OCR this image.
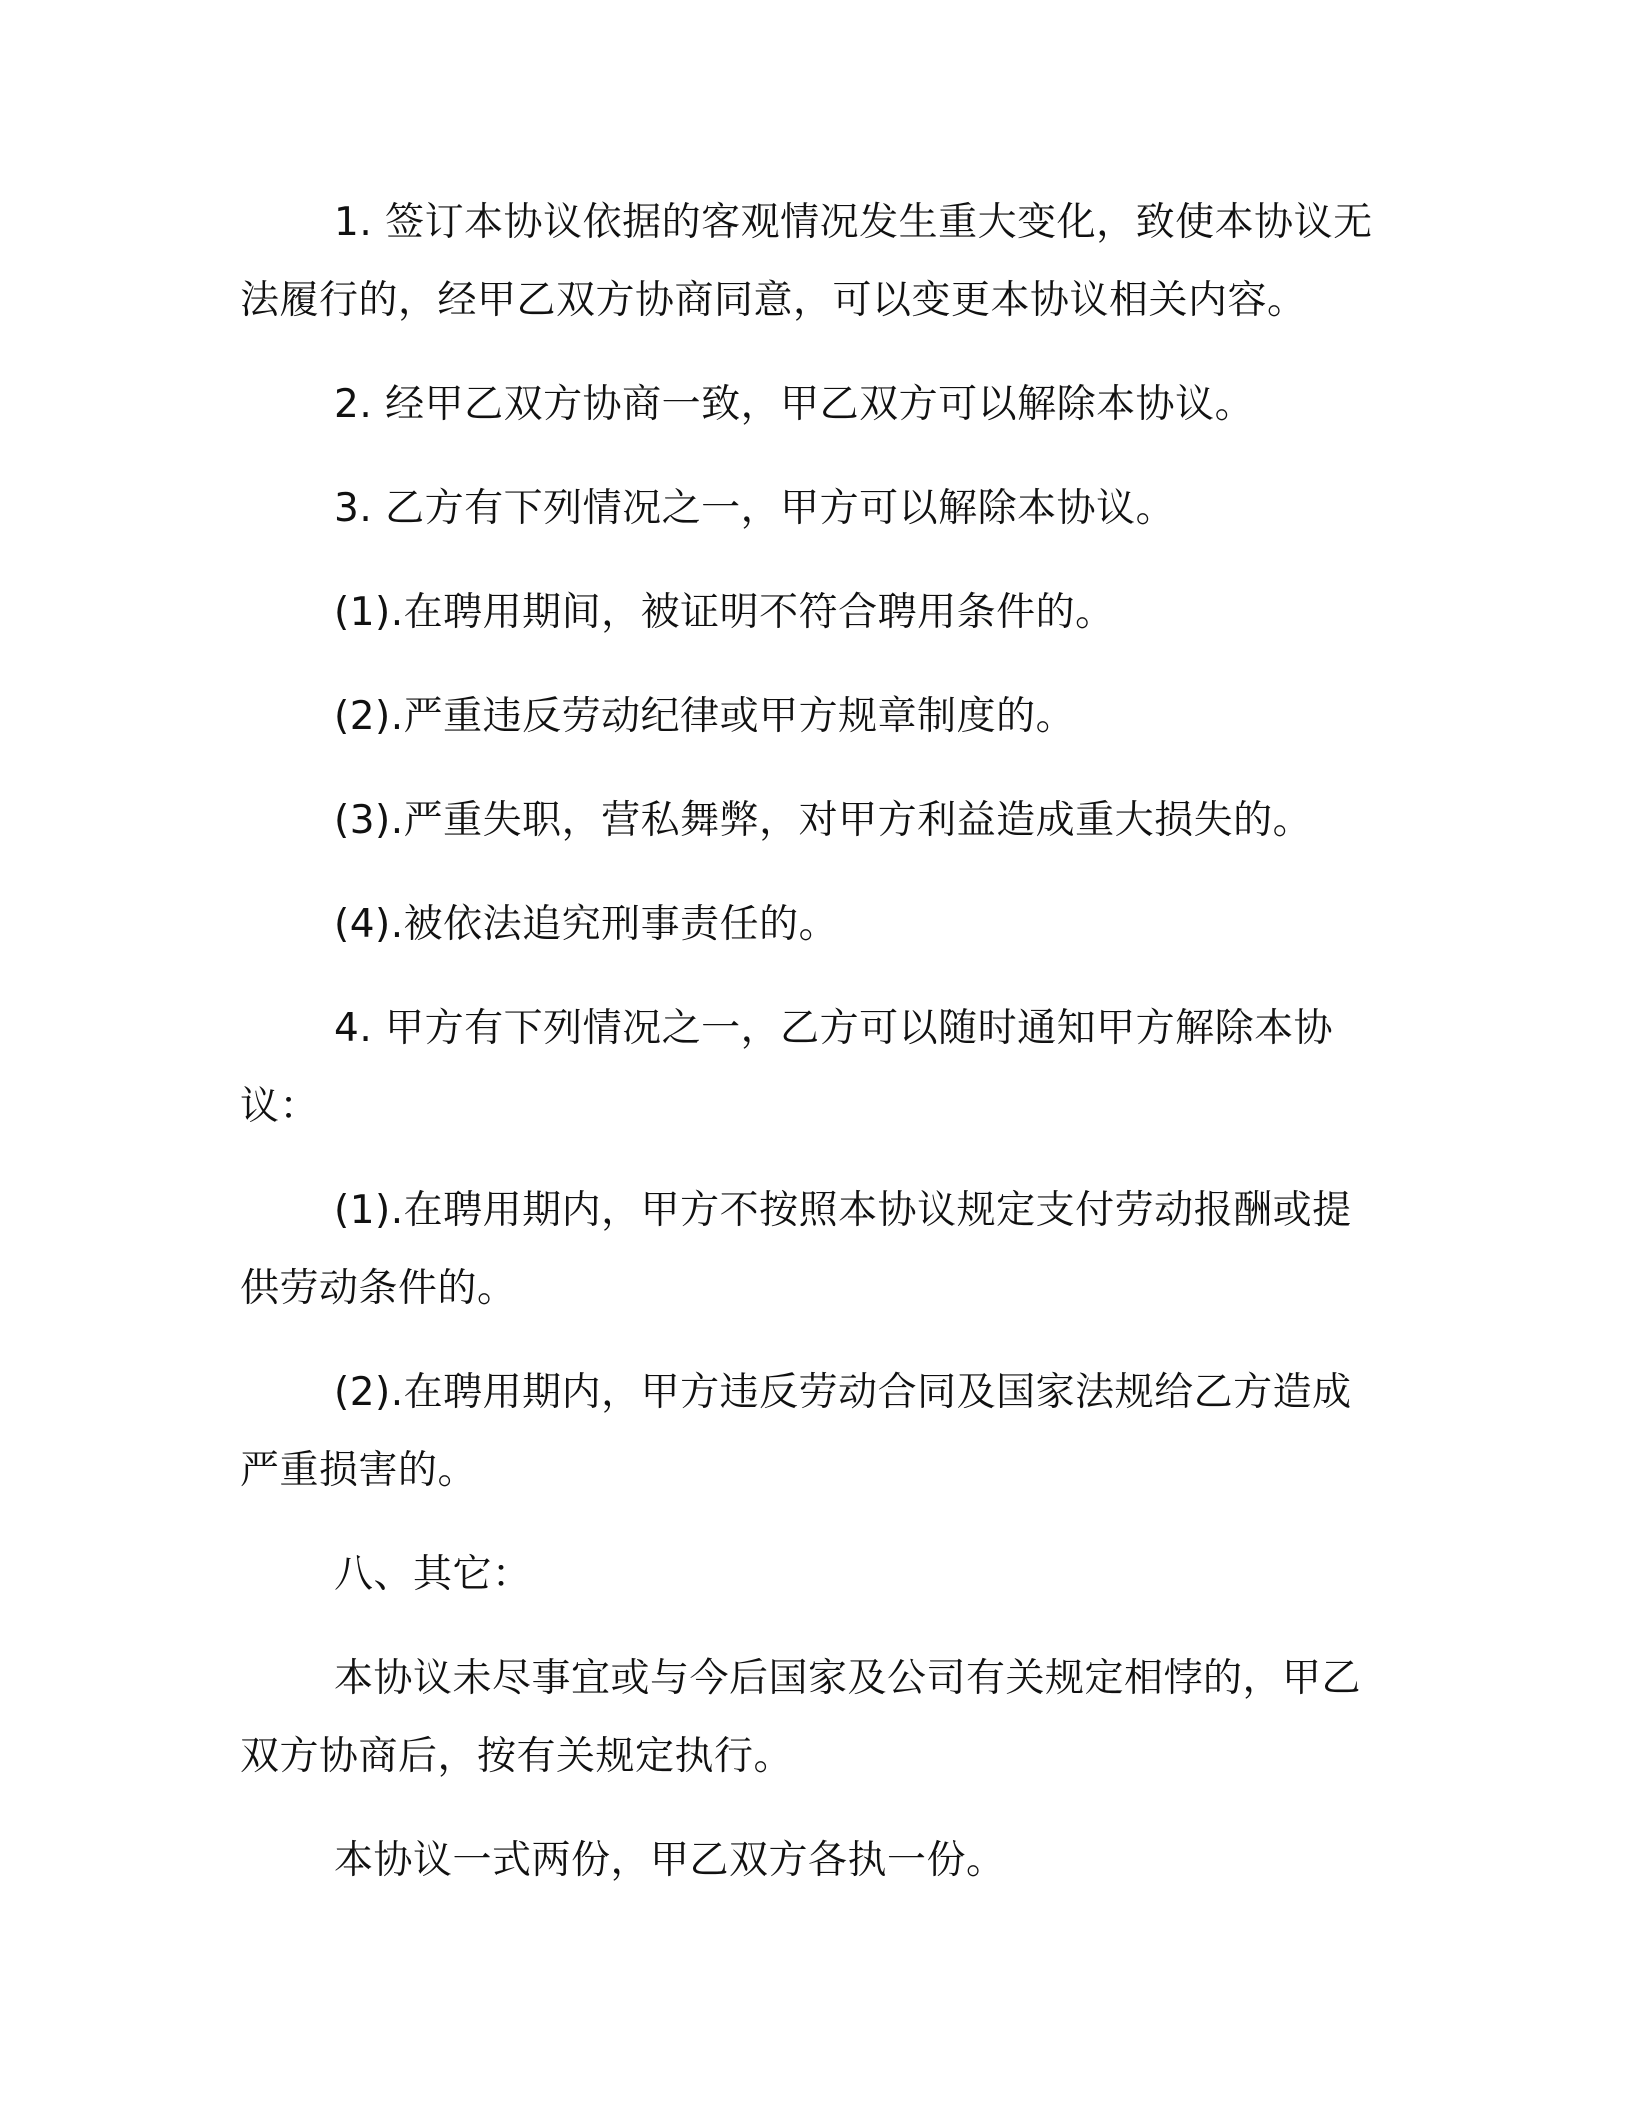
1. 签订本协议依据的客观情况发生重大变化，致使本协议无法履行的，经甲乙双方协商同意，可以变更本协议相关内容。

2. 经甲乙双方协商一致，甲乙双方可以解除本协议。

3. 乙方有下列情况之一，甲方可以解除本协议。

(1).在聘用期间，被证明不符合聘用条件的。

(2).严重违反劳动纪律或甲方规章制度的。

(3).严重失职，营私舞弊，对甲方利益造成重大损失的。

(4).被依法追究刑事责任的。

4. 甲方有下列情况之一，乙方可以随时通知甲方解除本协议：

(1).在聘用期内，甲方不按照本协议规定支付劳动报酬或提供劳动条件的。

(2).在聘用期内，甲方违反劳动合同及国家法规给乙方造成严重损害的。

八、其它：

本协议未尽事宜或与今后国家及公司有关规定相悖的，甲乙双方协商后，按有关规定执行。

本协议一式两份，甲乙双方各执一份。
